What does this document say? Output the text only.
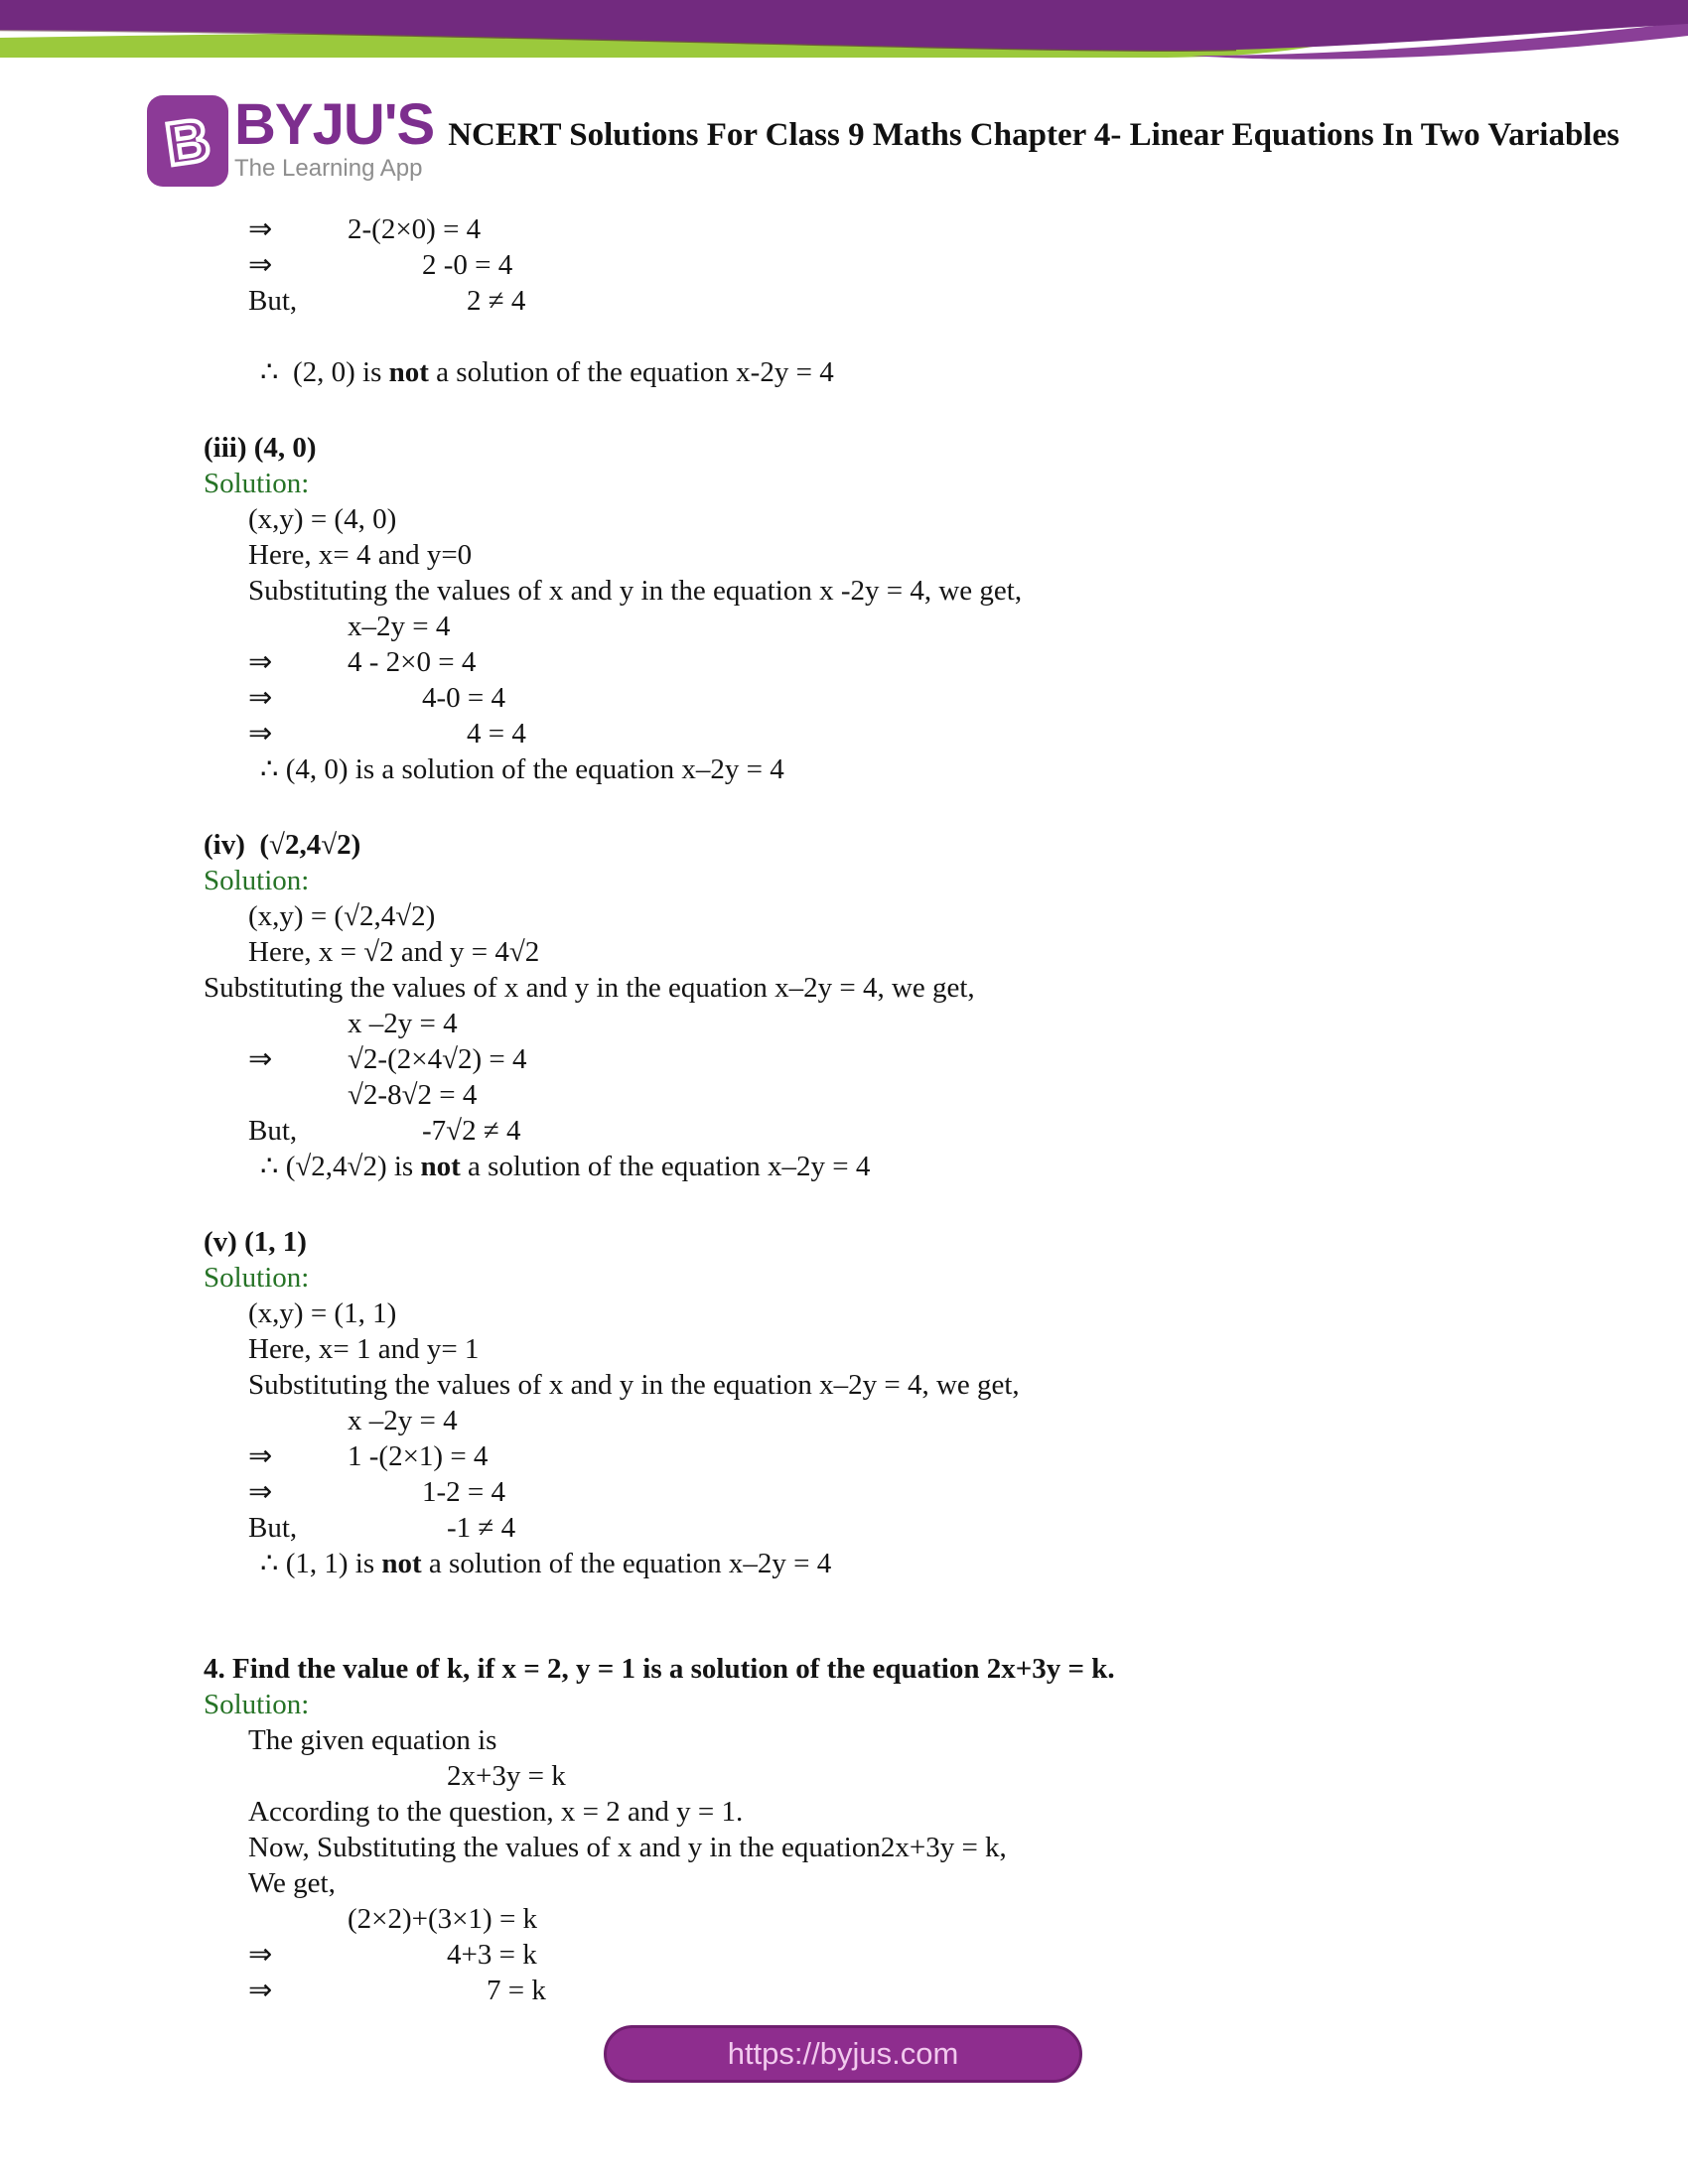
B BYJU'S
The Learning App
NCERT Solutions For Class 9 Maths Chapter 4- Linear Equations In Two Variables
⇒	2-(2×0) = 4
⇒	2 -0 = 4
But,	2 ≠ 4
∴  (2, 0) is not a solution of the equation x-2y = 4
(iii) (4, 0)
Solution:
(x,y) = (4, 0)
Here, x= 4 and y=0
Substituting the values of x and y in the equation x -2y = 4, we get,
x–2y = 4
⇒	4 - 2×0 = 4
⇒	4-0 = 4
⇒	4 = 4
∴ (4, 0) is a solution of the equation x–2y = 4
(iv)  (√2,4√2)
Solution:
(x,y) = (√2,4√2)
Here, x = √2 and y = 4√2
Substituting the values of x and y in the equation x–2y = 4, we get,
x –2y = 4
⇒	√2-(2×4√2) = 4
√2-8√2 = 4
But,	-7√2 ≠ 4
∴ (√2,4√2) is not a solution of the equation x–2y = 4
(v) (1, 1)
Solution:
(x,y) = (1, 1)
Here, x= 1 and y= 1
Substituting the values of x and y in the equation x–2y = 4, we get,
x –2y = 4
⇒	1 -(2×1) = 4
⇒	1-2 = 4
But,	-1 ≠ 4
∴ (1, 1) is not a solution of the equation x–2y = 4
4. Find the value of k, if x = 2, y = 1 is a solution of the equation 2x+3y = k.
Solution:
The given equation is
2x+3y = k
According to the question, x = 2 and y = 1.
Now, Substituting the values of x and y in the equation2x+3y = k,
We get,
(2×2)+(3×1) = k
⇒	4+3 = k
⇒	7 = k
https://byjus.com
